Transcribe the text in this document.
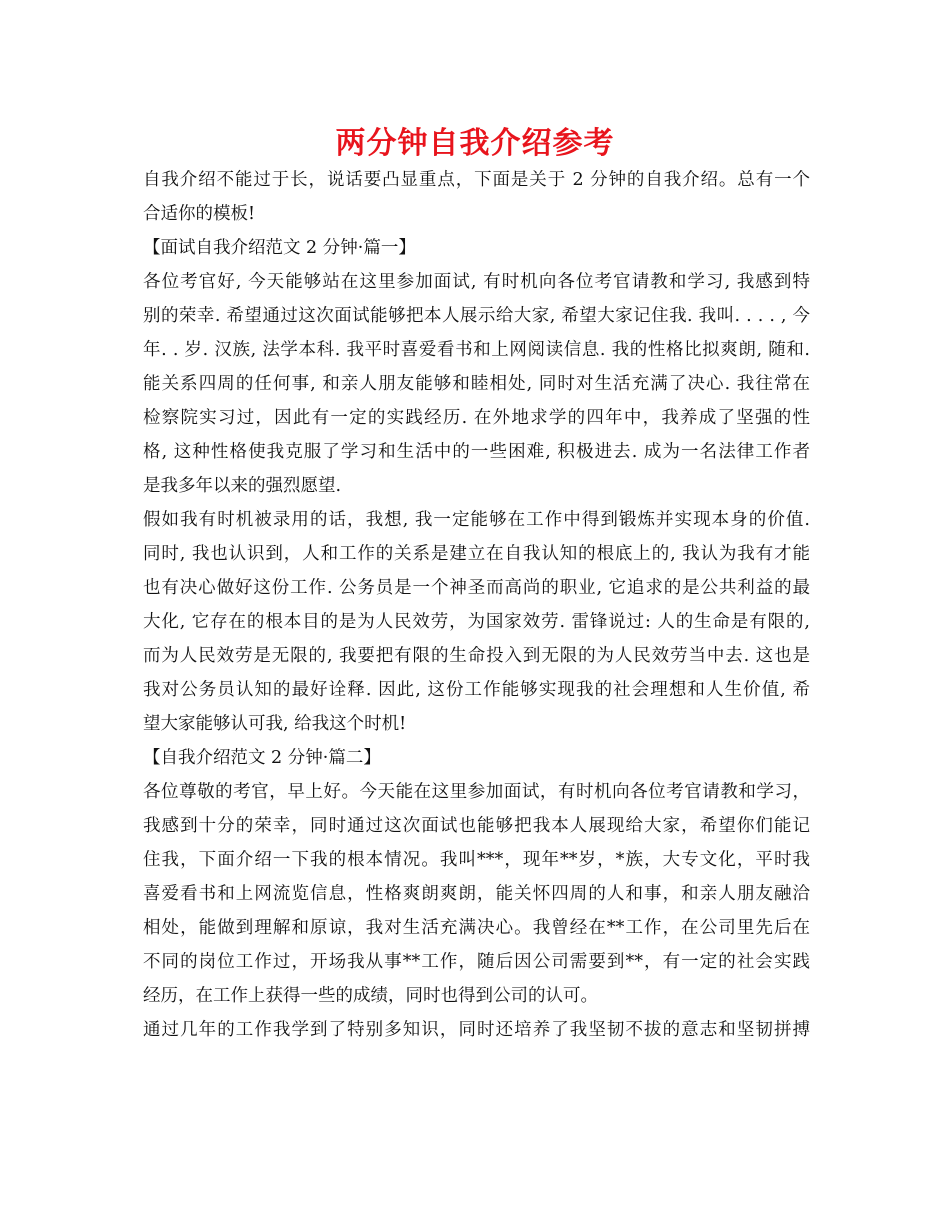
两分钟自我介绍参考
自我介绍不能过于长，说话要凸显重点，下面是关于 2 分钟的自我介绍。总有一个
合适你的模板!
【面试自我介绍范文 2 分钟·篇一】
各位考官好, 今天能够站在这里参加面试, 有时机向各位考官请教和学习, 我感到特
别的荣幸. 希望通过这次面试能够把本人展示给大家, 希望大家记住我. 我叫. . . . , 今
年. . 岁. 汉族, 法学本科. 我平时喜爱看书和上网阅读信息. 我的性格比拟爽朗, 随和.
能关系四周的任何事, 和亲人朋友能够和睦相处, 同时对生活充满了决心. 我往常在
检察院实习过，因此有一定的实践经历. 在外地求学的四年中，我养成了坚强的性
格, 这种性格使我克服了学习和生活中的一些困难, 积极进去. 成为一名法律工作者
是我多年以来的强烈愿望.
假如我有时机被录用的话，我想, 我一定能够在工作中得到锻炼并实现本身的价值.
同时, 我也认识到，人和工作的关系是建立在自我认知的根底上的, 我认为我有才能
也有决心做好这份工作. 公务员是一个神圣而高尚的职业, 它追求的是公共利益的最
大化, 它存在的根本目的是为人民效劳，为国家效劳. 雷锋说过: 人的生命是有限的,
而为人民效劳是无限的, 我要把有限的生命投入到无限的为人民效劳当中去. 这也是
我对公务员认知的最好诠释. 因此, 这份工作能够实现我的社会理想和人生价值, 希
望大家能够认可我, 给我这个时机!
【自我介绍范文 2 分钟·篇二】
各位尊敬的考官，早上好。今天能在这里参加面试，有时机向各位考官请教和学习，
我感到十分的荣幸，同时通过这次面试也能够把我本人展现给大家，希望你们能记
住我，下面介绍一下我的根本情况。我叫***，现年**岁，*族，大专文化，平时我
喜爱看书和上网流览信息，性格爽朗爽朗，能关怀四周的人和事，和亲人朋友融洽
相处，能做到理解和原谅，我对生活充满决心。我曾经在**工作，在公司里先后在
不同的岗位工作过，开场我从事**工作，随后因公司需要到**，有一定的社会实践
经历，在工作上获得一些的成绩，同时也得到公司的认可。
通过几年的工作我学到了特别多知识，同时还培养了我坚韧不拔的意志和坚韧拼搏
